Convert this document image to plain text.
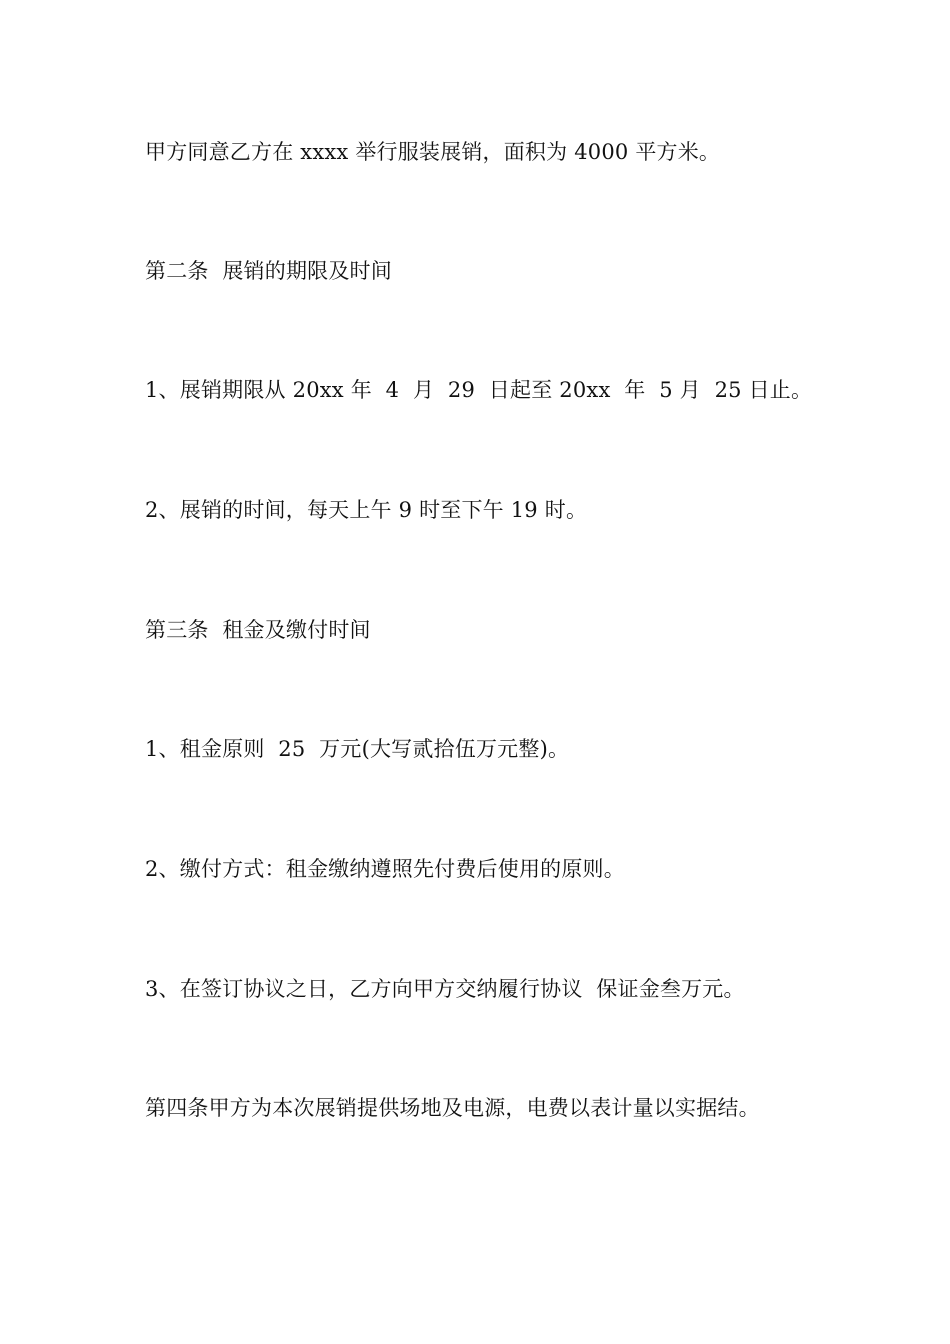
甲方同意乙方在 xxxx 举行服装展销，面积为 4000 平方米。

第二条  展销的期限及时间

1、展销期限从 20xx 年  4  月  29  日起至 20xx  年  5 月  25 日止。

2、展销的时间，每天上午 9 时至下午 19 时。

第三条  租金及缴付时间

1、租金原则  25  万元(大写贰拾伍万元整)。

2、缴付方式：租金缴纳遵照先付费后使用的原则。

3、在签订协议之日，乙方向甲方交纳履行协议  保证金叁万元。

第四条甲方为本次展销提供场地及电源，电费以表计量以实据结。
